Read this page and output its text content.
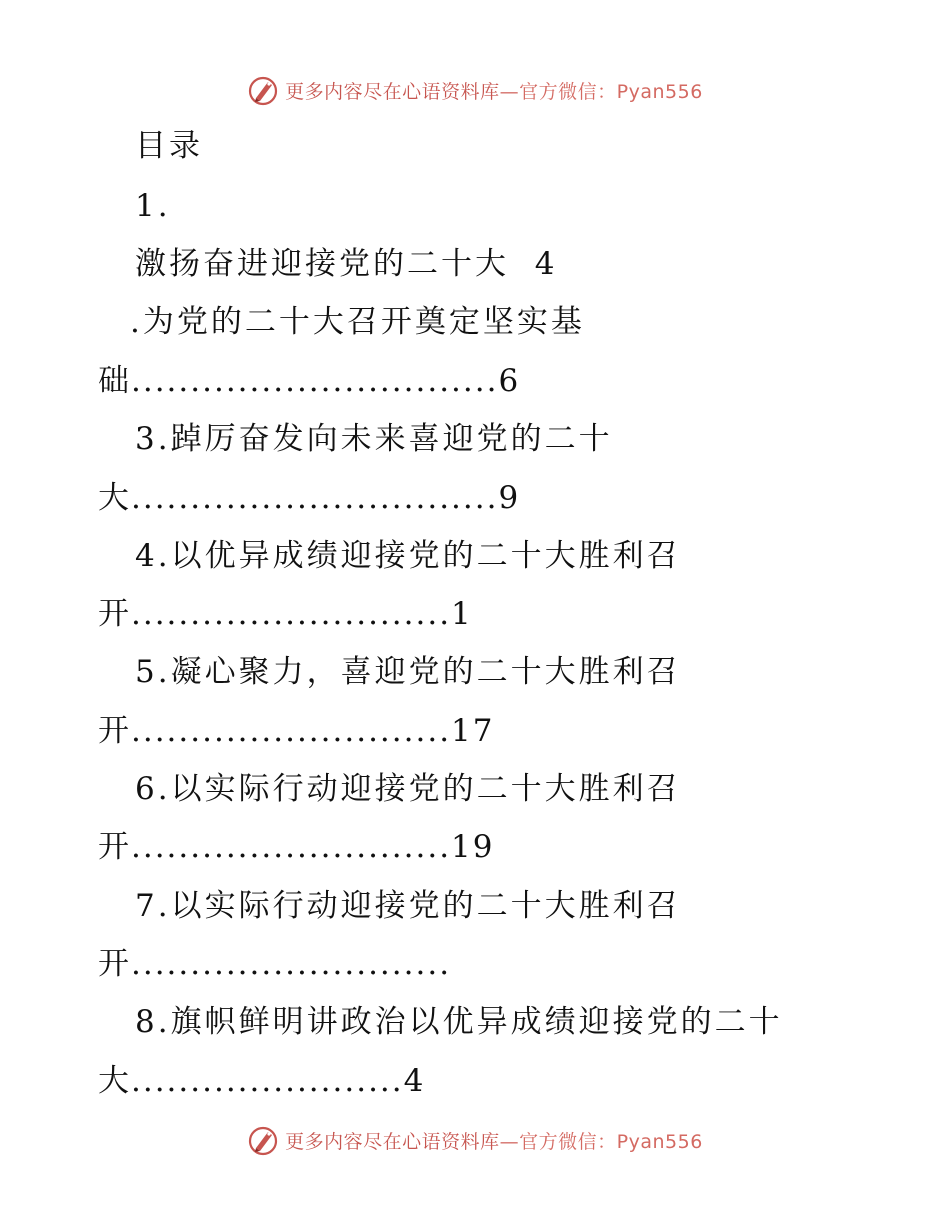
更多内容尽在心语资料库—官方微信：Pyan556
目录
1.
激扬奋进迎接党的二十大  4
.为党的二十大召开奠定坚实基
础...............................6
3.踔厉奋发向未来喜迎党的二十
大...............................9
4.以优异成绩迎接党的二十大胜利召
开...........................1
5.凝心聚力，喜迎党的二十大胜利召
开...........................17
6.以实际行动迎接党的二十大胜利召
开...........................19
7.以实际行动迎接党的二十大胜利召
开...........................
8.旗帜鲜明讲政治以优异成绩迎接党的二十
大.......................4
更多内容尽在心语资料库—官方微信：Pyan556
